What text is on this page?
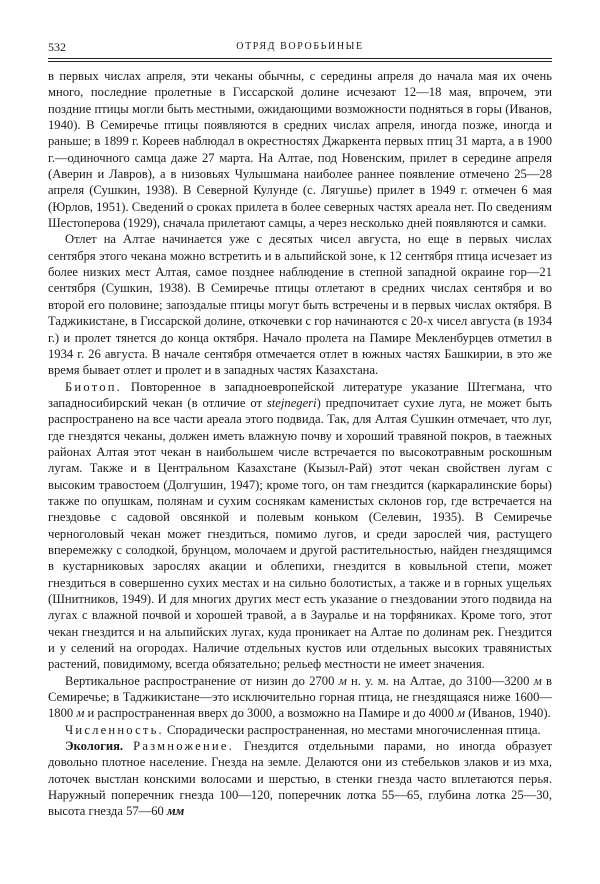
532	ОТРЯД ВОРОБЬИНЫЕ

в первых числах апреля, эти чеканы обычны, с середины апреля до начала мая их очень много, последние пролетные в Гиссарской долине исчезают 12—18 мая, впрочем, эти поздние птицы могли быть местными, ожидающими возможности подняться в горы (Иванов, 1940). В Семиречье птицы появляются в средних числах апреля, иногда позже, иногда и раньше; в 1899 г. Кореев наблюдал в окрестностях Джаркента первых птиц 31 марта, а в 1900 г.—одиночного самца даже 27 марта. На Алтае, под Новенским, прилет в середине апреля (Аверин и Лавров), а в низовьях Чулышмана наиболее раннее появление отмечено 25—28 апреля (Сушкин, 1938). В Северной Кулунде (с. Лягушье) прилет в 1949 г. отмечен 6 мая (Юрлов, 1951). Сведений о сроках прилета в более северных частях ареала нет. По сведениям Шестоперова (1929), сначала прилетают самцы, а через несколько дней появляются и самки.

Отлет на Алтае начинается уже с десятых чисел августа, но еще в первых числах сентября этого чекана можно встретить и в альпийской зоне, к 12 сентября птица исчезает из более низких мест Алтая, самое позднее наблюдение в степной западной окраине гор—21 сентября (Сушкин, 1938). В Семиречье птицы отлетают в средних числах сентября и во второй его половине; запоздалые птицы могут быть встречены и в первых числах октября. В Таджикистане, в Гиссарской долине, откочевки с гор начинаются с 20-х чисел августа (в 1934 г.) и пролет тянется до конца октября. Начало пролета на Памире Мекленбурцев отметил в 1934 г. 26 августа. В начале сентября отмечается отлет в южных частях Башкирии, в это же время бывает отлет и пролет и в западных частях Казахстана.

Биотоп. Повторенное в западноевропейской литературе указание Штегмана, что западносибирский чекан (в отличие от stejnegeri) предпочитает сухие луга, не может быть распространено на все части ареала этого подвида. Так, для Алтая Сушкин отмечает, что луг, где гнездятся чеканы, должен иметь влажную почву и хороший травяной покров, в таежных районах Алтая этот чекан в наибольшем числе встречается по высокотравным роскошным лугам. Также и в Центральном Казахстане (Кызыл-Рай) этот чекан свойствен лугам с высоким травостоем (Долгушин, 1947); кроме того, он там гнездится (каркаралинские боры) также по опушкам, полянам и сухим соснякам каменистых склонов гор, где встречается на гнездовье с садовой овсянкой и полевым коньком (Селевин, 1935). В Семиречье черноголовый чекан может гнездиться, помимо лугов, и среди зарослей чия, растущего вперемежку с солодкой, брунцом, молочаем и другой растительностью, найден гнездящимся в кустарниковых зарослях акации и облепихи, гнездится в ковыльной степи, может гнездиться в совершенно сухих местах и на сильно болотистых, а также и в горных ущельях (Шнитников, 1949). И для многих других мест есть указание о гнездовании этого подвида на лугах с влажной почвой и хорошей травой, а в Зауралье и на торфяниках. Кроме того, этот чекан гнездится и на альпийских лугах, куда проникает на Алтае по долинам рек. Гнездится и у селений на огородах. Наличие отдельных кустов или отдельных высоких травянистых растений, повидимому, всегда обязательно; рельеф местности не имеет значения.

Вертикальное распространение от низин до 2700 м н. у. м. на Алтае, до 3100—3200 м в Семиречье; в Таджикистане—это исключительно горная птица, не гнездящаяся ниже 1600—1800 м и распространенная вверх до 3000, а возможно на Памире и до 4000 м (Иванов, 1940).

Численность. Спорадически распространенная, но местами многочисленная птица.

Экология. Размножение. Гнездится отдельными парами, но иногда образует довольно плотное население. Гнезда на земле. Делаются они из стебельков злаков и из мха, лоточек выстлан конскими волосами и шерстью, в стенки гнезда часто вплетаются перья. Наружный поперечник гнезда 100—120, поперечник лотка 55—65, глубина лотка 25—30, высота гнезда 57—60 мм
